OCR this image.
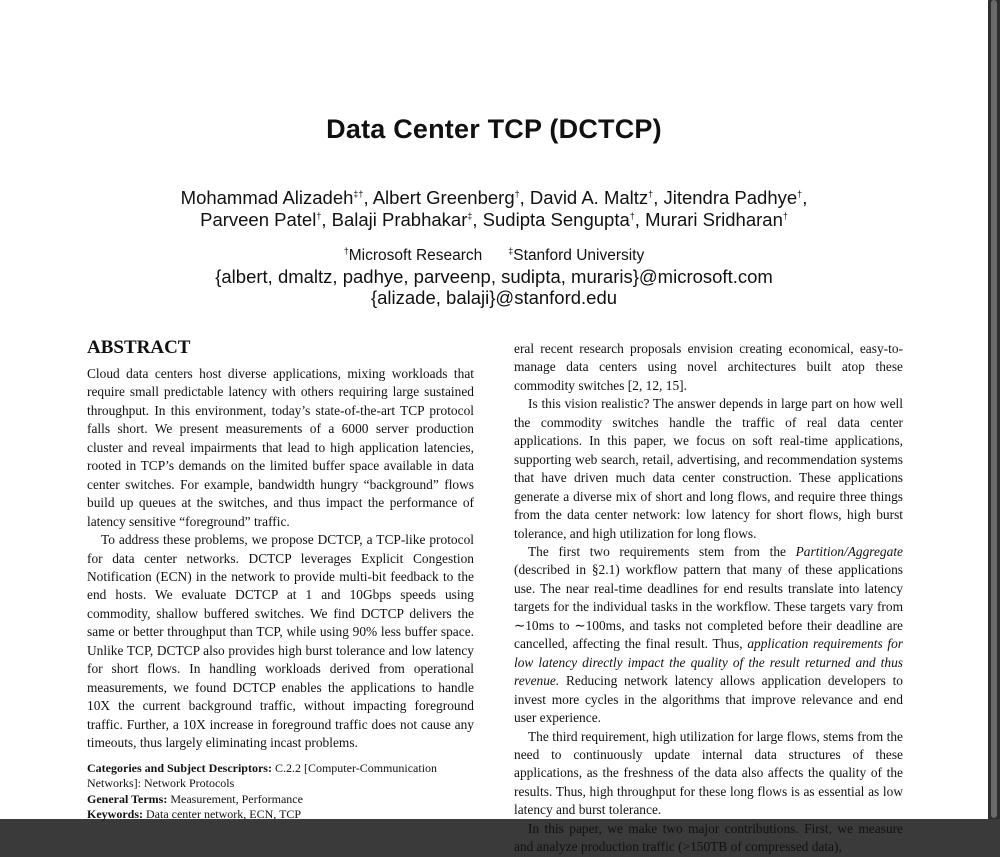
Data Center TCP (DCTCP)
Mohammad Alizadeh‡†, Albert Greenberg†, David A. Maltz†, Jitendra Padhye†,
Parveen Patel†, Balaji Prabhakar‡, Sudipta Sengupta†, Murari Sridharan†
†Microsoft Research	‡Stanford University
{albert, dmaltz, padhye, parveenp, sudipta, muraris}@microsoft.com
{alizade, balaji}@stanford.edu
ABSTRACT

Cloud data centers host diverse applications, mixing workloads that require small predictable latency with others requiring large sustained throughput. In this environment, today’s state-of-the-art TCP protocol falls short. We present measurements of a 6000 server production cluster and reveal impairments that lead to high application latencies, rooted in TCP’s demands on the limited buffer space available in data center switches. For example, bandwidth hungry “background” flows build up queues at the switches, and thus impact the performance of latency sensitive “foreground” traffic.

To address these problems, we propose DCTCP, a TCP-like protocol for data center networks. DCTCP leverages Explicit Congestion Notification (ECN) in the network to provide multi-bit feedback to the end hosts. We evaluate DCTCP at 1 and 10Gbps speeds using commodity, shallow buffered switches. We find DCTCP delivers the same or better throughput than TCP, while using 90% less buffer space. Unlike TCP, DCTCP also provides high burst tolerance and low latency for short flows. In handling workloads derived from operational measurements, we found DCTCP enables the applications to handle 10X the current background traffic, without impacting foreground traffic. Further, a 10X increase in foreground traffic does not cause any timeouts, thus largely eliminating incast problems.

Categories and Subject Descriptors: C.2.2 [Computer-Communication Networks]: Network Protocols
General Terms: Measurement, Performance
Keywords: Data center network, ECN, TCP

eral recent research proposals envision creating economical, easy-to-manage data centers using novel architectures built atop these commodity switches [2, 12, 15].

Is this vision realistic? The answer depends in large part on how well the commodity switches handle the traffic of real data center applications. In this paper, we focus on soft real-time applications, supporting web search, retail, advertising, and recommendation systems that have driven much data center construction. These applications generate a diverse mix of short and long flows, and require three things from the data center network: low latency for short flows, high burst tolerance, and high utilization for long flows.

The first two requirements stem from the Partition/Aggregate (described in §2.1) workflow pattern that many of these applications use. The near real-time deadlines for end results translate into latency targets for the individual tasks in the workflow. These targets vary from ∼10ms to ∼100ms, and tasks not completed before their deadline are cancelled, affecting the final result. Thus, application requirements for low latency directly impact the quality of the result returned and thus revenue. Reducing network latency allows application developers to invest more cycles in the algorithms that improve relevance and end user experience.

The third requirement, high utilization for large flows, stems from the need to continuously update internal data structures of these applications, as the freshness of the data also affects the quality of the results. Thus, high throughput for these long flows is as essential as low latency and burst tolerance.

In this paper, we make two major contributions. First, we measure and analyze production traffic (>150TB of compressed data),
